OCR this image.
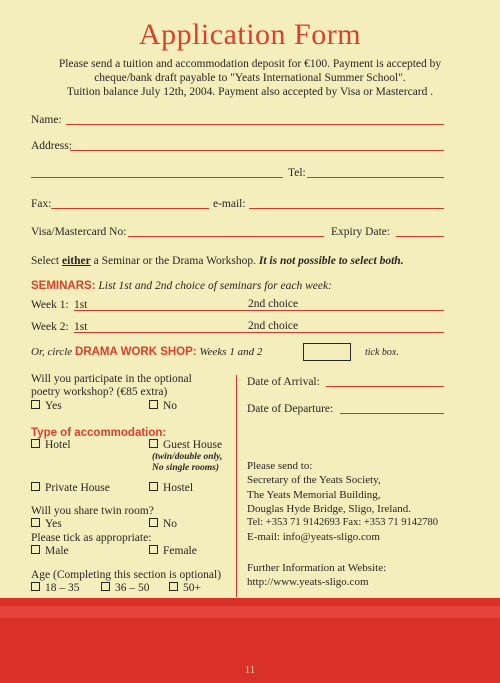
Application Form
Please send a tuition and accommodation deposit for €100. Payment is accepted by
cheque/bank draft payable to "Yeats International Summer School".
Tuition balance July 12th, 2004. Payment also accepted by Visa or Mastercard .
Name:
Address:
Tel:
Fax:	e-mail:
Visa/Mastercard No:	Expiry Date:
Select either a Seminar or the Drama Workshop. It is not possible to select both.
SEMINARS: List 1st and 2nd choice of seminars for each week:
Week 1: 1st	2nd choice
Week 2: 1st	2nd choice
Or, circle DRAMA WORK SHOP: Weeks 1 and 2	tick box.
Will you participate in the optional
poetry workshop? (€85 extra)
Yes	No
Type of accommodation:
Hotel	Guest House
(twin/double only,
No single rooms)
Private House	Hostel
Will you share twin room?
Yes	No
Please tick as appropriate:
Male	Female
Age (Completing this section is optional)
18 – 35	36 – 50	50+
Date of Arrival:
Date of Departure:
Please send to:
Secretary of the Yeats Society,
The Yeats Memorial Building,
Douglas Hyde Bridge, Sligo, Ireland.
Tel: +353 71 9142693 Fax: +353 71 9142780
E-mail: info@yeats-sligo.com
Further Information at Website:
http://www.yeats-sligo.com
11
